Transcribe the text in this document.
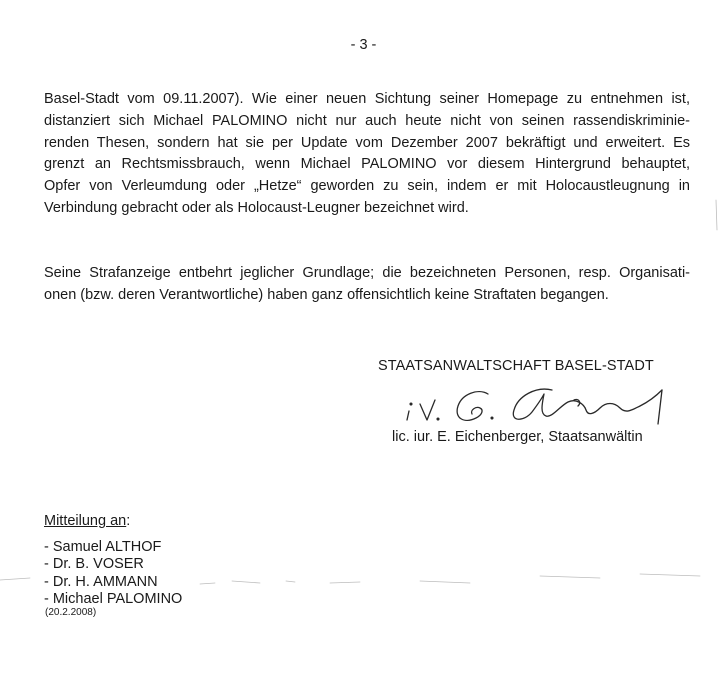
- 3 -
Basel-Stadt vom 09.11.2007). Wie einer neuen Sichtung seiner Homepage zu entnehmen ist,
distanziert sich Michael PALOMINO nicht nur auch heute nicht von seinen rassendiskriminie-
renden Thesen, sondern hat sie per Update vom Dezember 2007 bekräftigt und erweitert. Es
grenzt an Rechtsmissbrauch, wenn Michael PALOMINO vor diesem Hintergrund behauptet,
Opfer von Verleumdung oder „Hetze“ geworden zu sein, indem er mit Holocaustleugnung in
Verbindung gebracht oder als Holocaust-Leugner bezeichnet wird.
Seine Strafanzeige entbehrt jeglicher Grundlage; die bezeichneten Personen, resp. Organisati-
onen (bzw. deren Verantwortliche) haben ganz offensichtlich keine Straftaten begangen.
STAATSANWALTSCHAFT BASEL-STADT
lic. iur. E. Eichenberger, Staatsanwältin
Mitteilung an:
- Samuel ALTHOF
- Dr. B. VOSER
- Dr. H. AMMANN
- Michael PALOMINO
(20.2.2008)
